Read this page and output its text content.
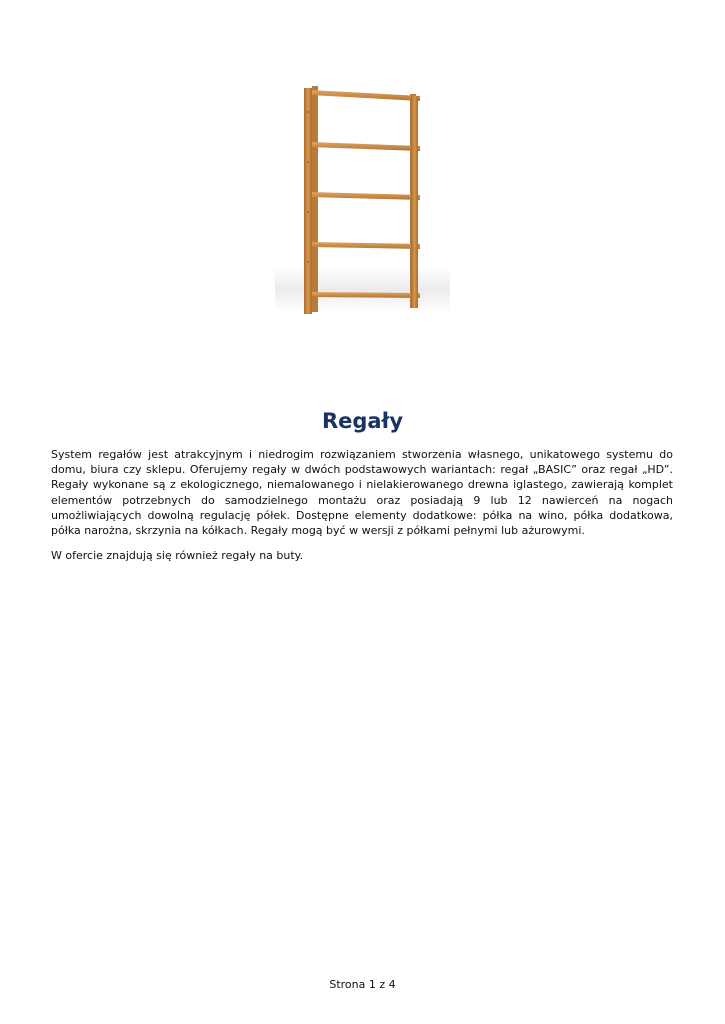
Regały

System regałów jest atrakcyjnym i niedrogim rozwiązaniem stworzenia własnego, unikatowego systemu do domu, biura czy sklepu. Oferujemy regały w dwóch podstawowych wariantach: regał „BASIC” oraz regał „HD”. Regały wykonane są z ekologicznego, niemalowanego i nielakierowanego drewna iglastego, zawierają komplet elementów potrzebnych do samodzielnego montażu oraz posiadają 9 lub 12 nawierceń na nogach umożliwiających dowolną regulację półek. Dostępne elementy dodatkowe: półka na wino, półka dodatkowa, półka narożna, skrzynia na kółkach. Regały mogą być w wersji z półkami pełnymi lub ażurowymi.

W ofercie znajdują się również regały na buty.

Strona 1 z 4
